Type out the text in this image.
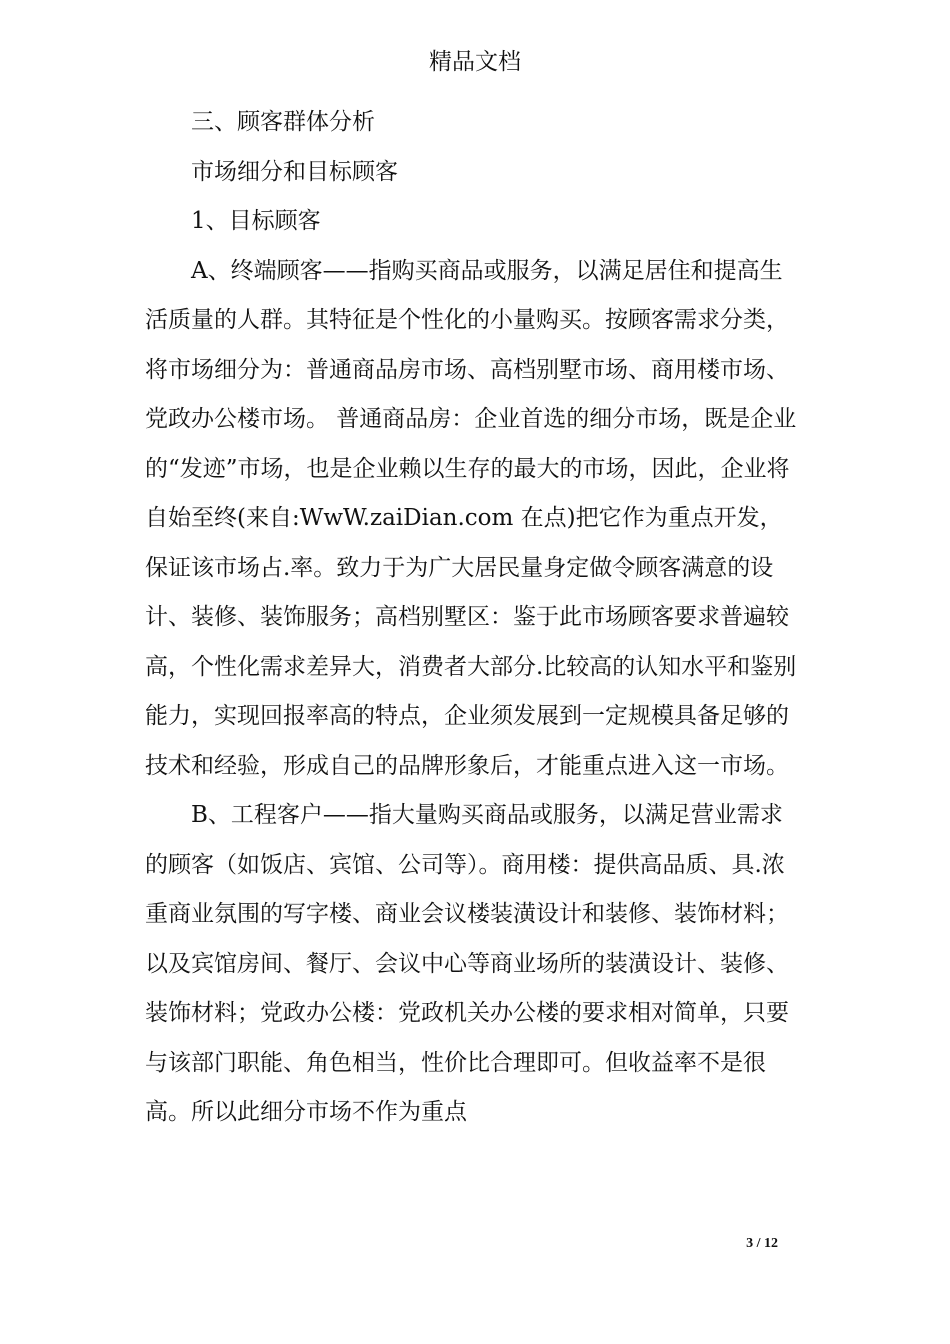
精品文档

三、顾客群体分析

市场细分和目标顾客

1、目标顾客

A、终端顾客——指购买商品或服务，以满足居住和提高生活质量的人群。其特征是个性化的小量购买。按顾客需求分类，将市场细分为：普通商品房市场、高档别墅市场、商用楼市场、党政办公楼市场。 普通商品房：企业首选的细分市场，既是企业的“发迹”市场，也是企业赖以生存的最大的市场，因此，企业将自始至终(来自:WwW.zaiDian.com 在点)把它作为重点开发，保证该市场占.率。致力于为广大居民量身定做令顾客满意的设计、装修、装饰服务；高档别墅区：鉴于此市场顾客要求普遍较高，个性化需求差异大，消费者大部分.比较高的认知水平和鉴别能力，实现回报率高的特点，企业须发展到一定规模具备足够的技术和经验，形成自己的品牌形象后，才能重点进入这一市场。

B、工程客户——指大量购买商品或服务，以满足营业需求的顾客（如饭店、宾馆、公司等）。商用楼：提供高品质、具.浓重商业氛围的写字楼、商业会议楼装潢设计和装修、装饰材料；以及宾馆房间、餐厅、会议中心等商业场所的装潢设计、装修、装饰材料；党政办公楼：党政机关办公楼的要求相对简单，只要与该部门职能、角色相当，性价比合理即可。但收益率不是很高。所以此细分市场不作为重点

3 / 12
